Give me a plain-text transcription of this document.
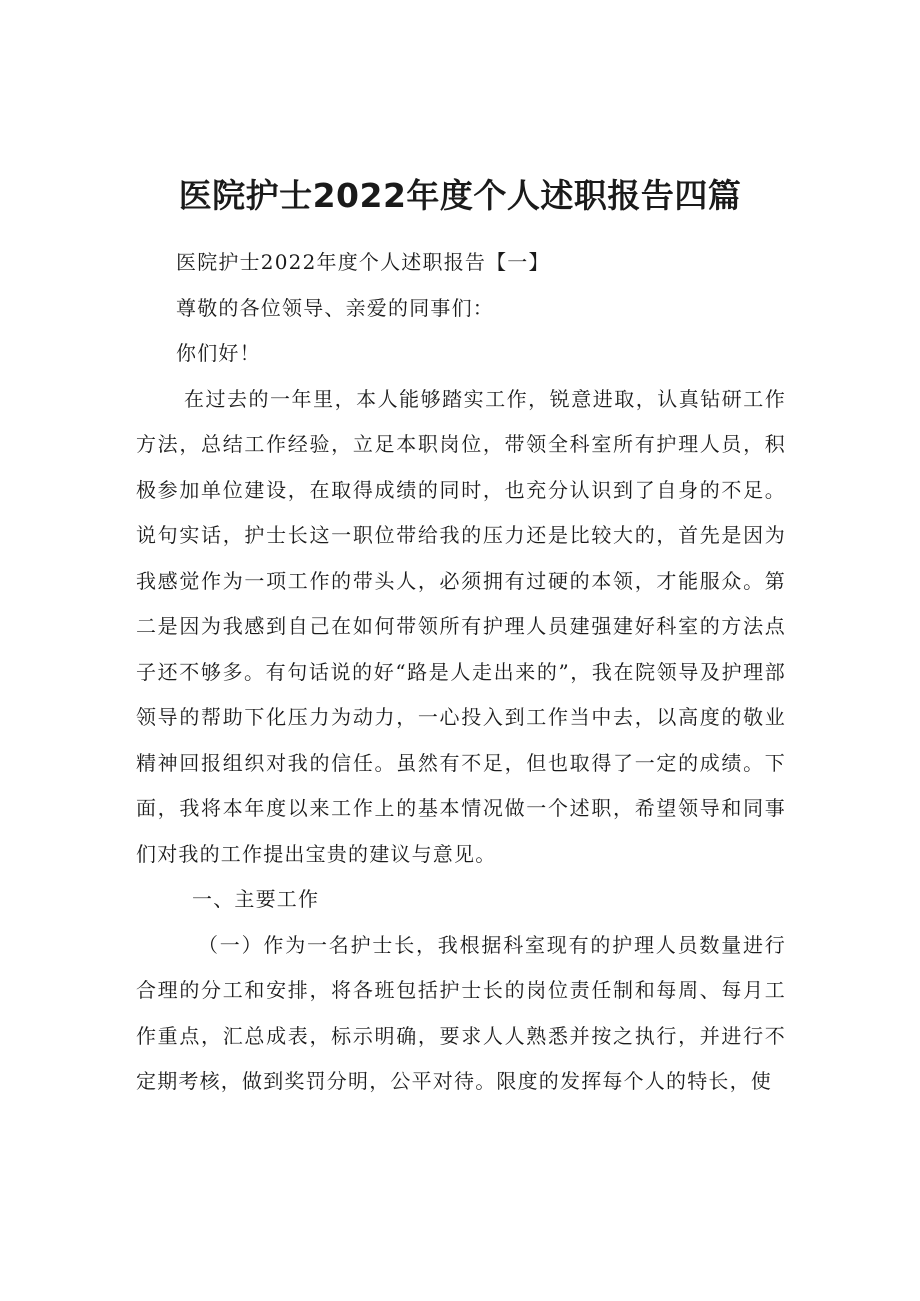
医院护士2022年度个人述职报告四篇

医院护士2022年度个人述职报告【一】

尊敬的各位领导、亲爱的同事们：

你们好！

在过去的一年里，本人能够踏实工作，锐意进取，认真钻研工作方法，总结工作经验，立足本职岗位，带领全科室所有护理人员，积极参加单位建设，在取得成绩的同时，也充分认识到了自身的不足。说句实话，护士长这一职位带给我的压力还是比较大的，首先是因为我感觉作为一项工作的带头人，必须拥有过硬的本领，才能服众。第二是因为我感到自己在如何带领所有护理人员建强建好科室的方法点子还不够多。有句话说的好“路是人走出来的”，我在院领导及护理部领导的帮助下化压力为动力，一心投入到工作当中去，以高度的敬业精神回报组织对我的信任。虽然有不足，但也取得了一定的成绩。下面，我将本年度以来工作上的基本情况做一个述职，希望领导和同事们对我的工作提出宝贵的建议与意见。

一、主要工作

（一）作为一名护士长，我根据科室现有的护理人员数量进行合理的分工和安排，将各班包括护士长的岗位责任制和每周、每月工作重点，汇总成表，标示明确，要求人人熟悉并按之执行，并进行不定期考核，做到奖罚分明，公平对待。限度的发挥每个人的特长，使
